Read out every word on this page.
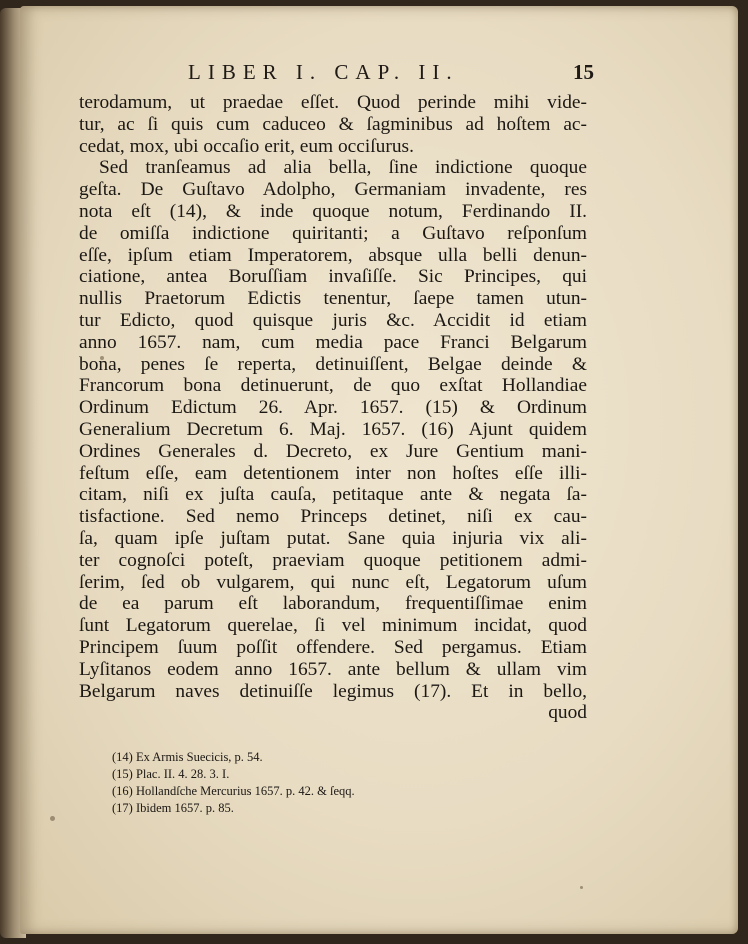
LIBER I. CAP. II.	15
terodamum, ut praedae eſſet. Quod perinde mihi vide-
tur, ac ſi quis cum caduceo & ſagminibus ad hoſtem ac-
cedat, mox, ubi occaſio erit, eum occiſurus.
Sed tranſeamus ad alia bella, ſine indictione quoque
geſta. De Guſtavo Adolpho, Germaniam invadente, res
nota eſt (14), & inde quoque notum, Ferdinando II.
de omiſſa indictione quiritanti; a Guſtavo reſponſum
eſſe, ipſum etiam Imperatorem, absque ulla belli denun-
ciatione, antea Boruſſiam invaſiſſe. Sic Principes, qui
nullis Praetorum Edictis tenentur, ſaepe tamen utun-
tur Edicto, quod quisque juris &c. Accidit id etiam
anno 1657. nam, cum media pace Franci Belgarum
bona, penes ſe reperta, detinuiſſent, Belgae deinde &
Francorum bona detinuerunt, de quo exſtat Hollandiae
Ordinum Edictum 26. Apr. 1657. (15) & Ordinum
Generalium Decretum 6. Maj. 1657. (16) Ajunt quidem
Ordines Generales d. Decreto, ex Jure Gentium mani-
feſtum eſſe, eam detentionem inter non hoſtes eſſe illi-
citam, niſi ex juſta cauſa, petitaque ante & negata ſa-
tisfactione. Sed nemo Princeps detinet, niſi ex cau-
ſa, quam ipſe juſtam putat. Sane quia injuria vix ali-
ter cognoſci poteſt, praeviam quoque petitionem admi-
ſerim, ſed ob vulgarem, qui nunc eſt, Legatorum uſum
de ea parum eſt laborandum, frequentiſſimae enim
ſunt Legatorum querelae, ſi vel minimum incidat, quod
Principem ſuum poſſit offendere. Sed pergamus. Etiam
Lyſitanos eodem anno 1657. ante bellum & ullam vim
Belgarum naves detinuiſſe legimus (17). Et in bello,
quod
(14) Ex Armis Suecicis, p. 54.
(15) Plac. II. 4. 28. 3. I.
(16) Hollandſche Mercurius 1657. p. 42. & ſeqq.
(17) Ibidem 1657. p. 85.
